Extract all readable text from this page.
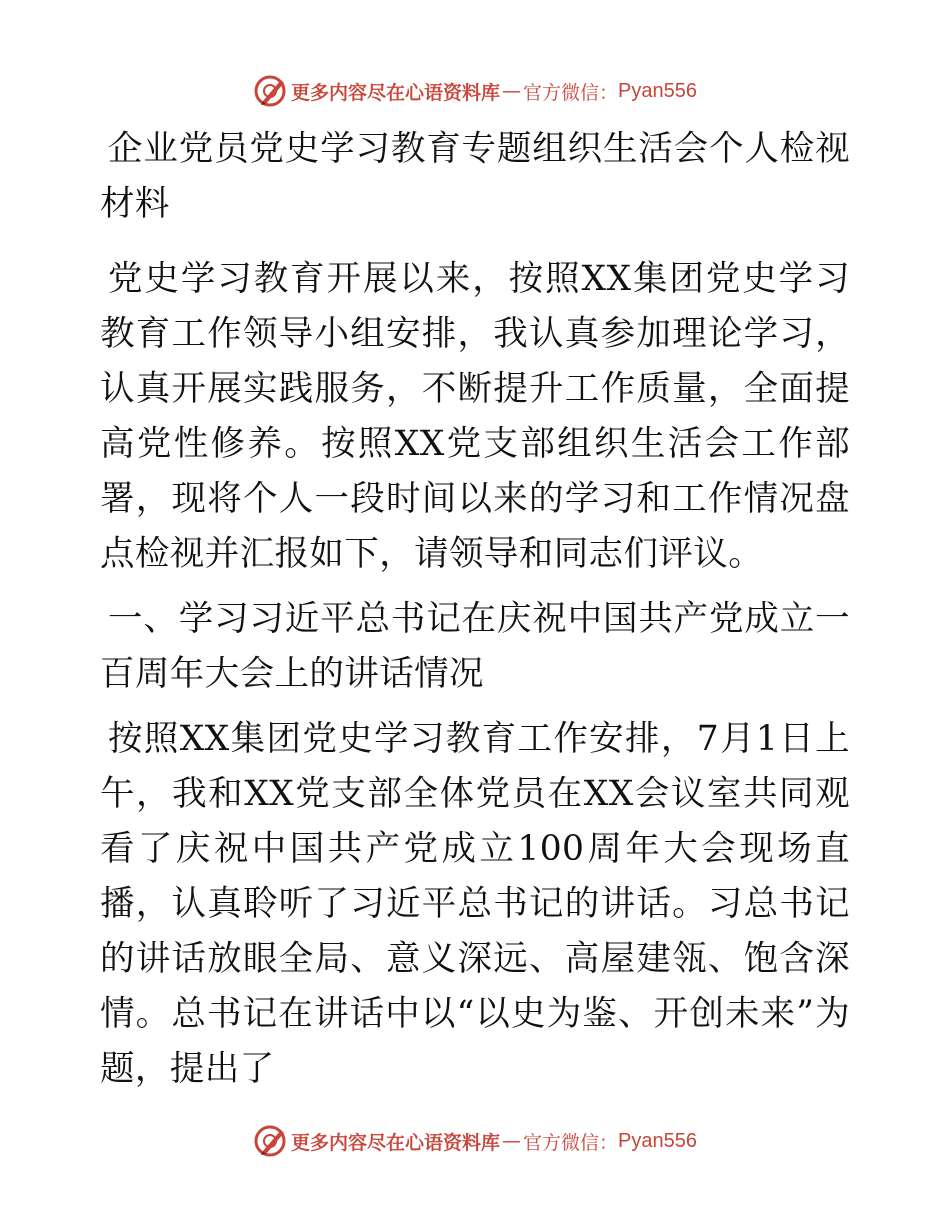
更多内容尽在心语资料库 — 官方微信： Pyan556

企业党员党史学习教育专题组织生活会个人检视材料

党史学习教育开展以来，按照XX集团党史学习教育工作领导小组安排，我认真参加理论学习，认真开展实践服务，不断提升工作质量，全面提高党性修养。按照XX党支部组织生活会工作部署，现将个人一段时间以来的学习和工作情况盘点检视并汇报如下，请领导和同志们评议。

一、学习习近平总书记在庆祝中国共产党成立一百周年大会上的讲话情况

按照XX集团党史学习教育工作安排，7月1日上午，我和XX党支部全体党员在XX会议室共同观看了庆祝中国共产党成立100周年大会现场直播，认真聆听了习近平总书记的讲话。习总书记的讲话放眼全局、意义深远、高屋建瓴、饱含深情。总书记在讲话中以“以史为鉴、开创未来”为题，提出了

更多内容尽在心语资料库 — 官方微信： Pyan556
